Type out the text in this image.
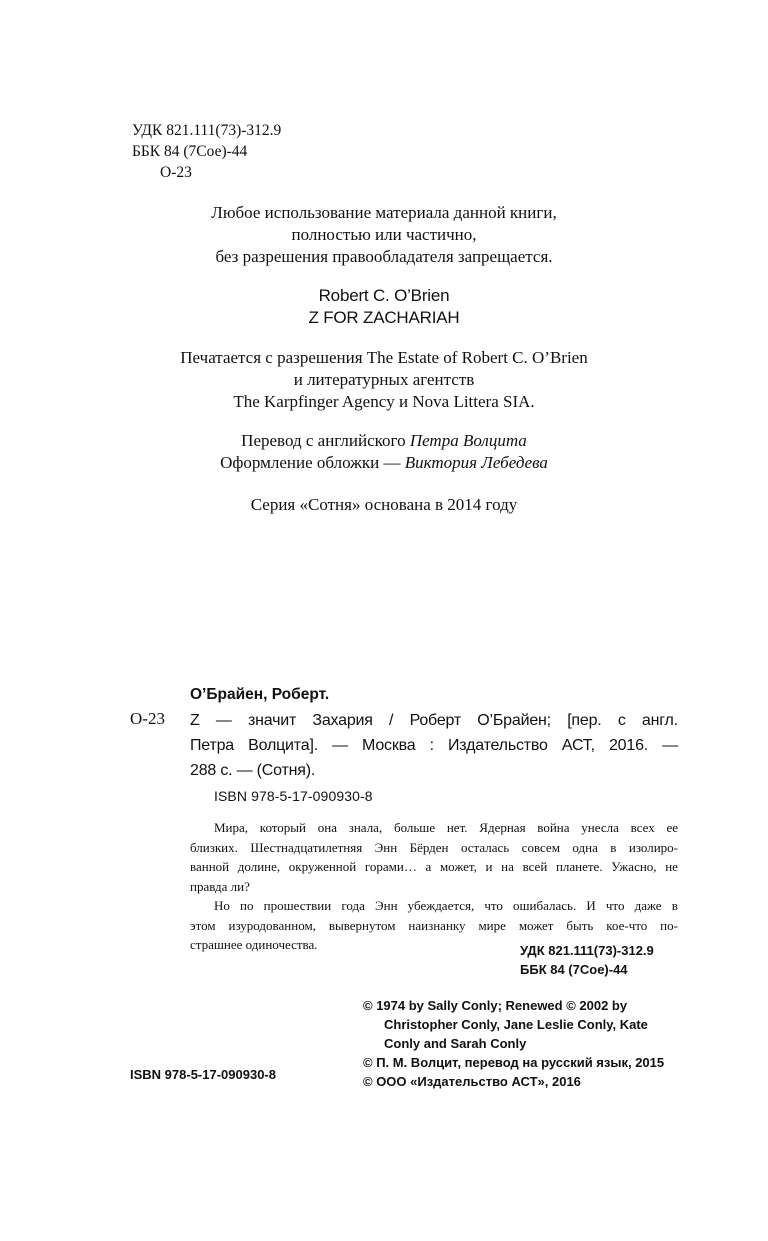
УДК 821.111(73)-312.9
ББК 84 (7Сое)-44
О-23
Любое использование материала данной книги,
полностью или частично,
без разрешения правообладателя запрещается.
Robert C. O’Brien
Z FOR ZACHARIAH
Печатается с разрешения The Estate of Robert C. O’Brien
и литературных агентств
The Karpfinger Agency и Nova Littera SIA.
Перевод с английского Петра Волцита
Оформление обложки — Виктория Лебедева
Серия «Сотня» основана в 2014 году
О’Брайен, Роберт.
О-23 Z — значит Захария / Роберт О’Брайен; [пер. с англ.
Петра Волцита]. — Москва : Издательство АСТ, 2016. —
288 с. — (Сотня).
ISBN 978-5-17-090930-8
Мира, который она знала, больше нет. Ядерная война унесла всех ее
близких. Шестнадцатилетняя Энн Бёрден осталась совсем одна в изолиро-
ванной долине, окруженной горами… а может, и на всей планете. Ужасно, не
правда ли?
Но по прошествии года Энн убеждается, что ошибалась. И что даже в
этом изуродованном, вывернутом наизнанку мире может быть кое-что по-
страшнее одиночества.	УДК 821.111(73)-312.9
ББК 84 (7Сое)-44
© 1974 by Sally Conly; Renewed © 2002 by
Christopher Conly, Jane Leslie Conly, Kate
Conly and Sarah Conly
© П. М. Волцит, перевод на русский язык, 2015
© ООО «Издательство АСТ», 2016
ISBN 978-5-17-090930-8
